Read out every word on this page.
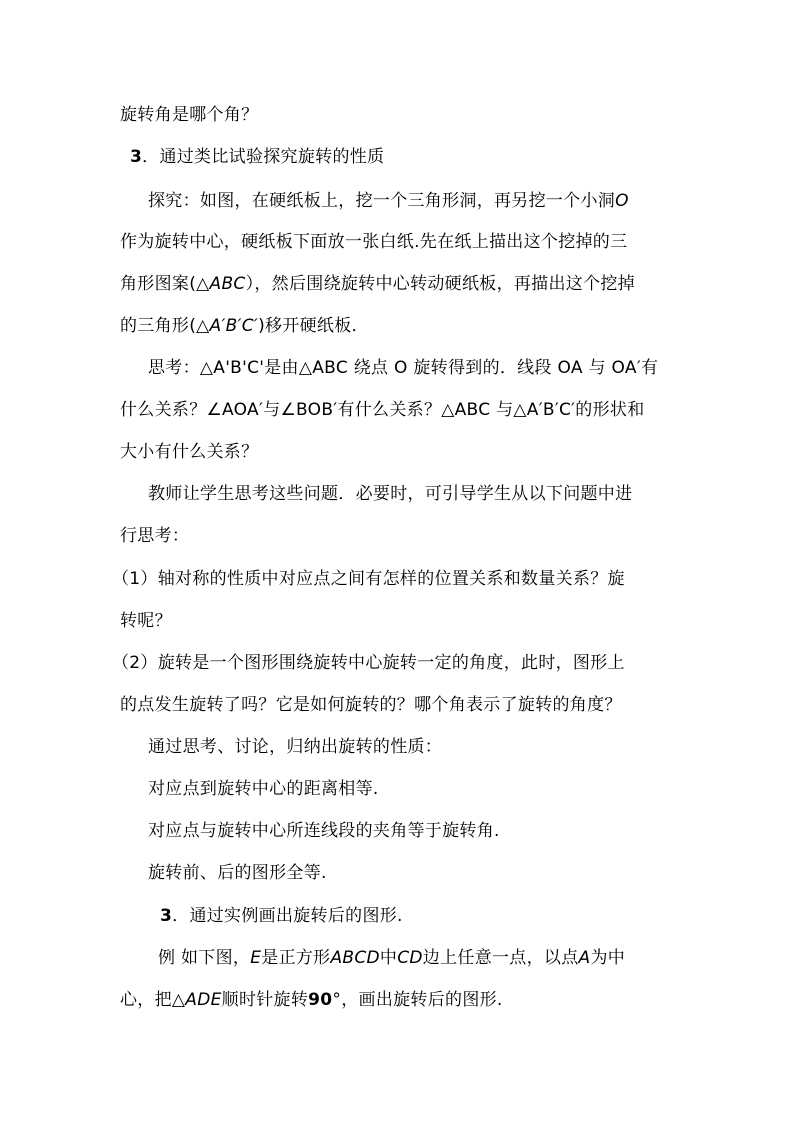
旋转角是哪个角？
3．通过类比试验探究旋转的性质
探究：如图，在硬纸板上，挖一个三角形洞，再另挖一个小洞O
作为旋转中心，硬纸板下面放一张白纸.先在纸上描出这个挖掉的三
角形图案(△ABC），然后围绕旋转中心转动硬纸板，再描出这个挖掉
的三角形(△A′B′C′)移开硬纸板．
思考：△A'B'C'是由△ABC 绕点 O 旋转得到的．线段 OA 与 OA′有
什么关系？∠AOA′与∠BOB′有什么关系？△ABC 与△A′B′C′的形状和
大小有什么关系？
教师让学生思考这些问题．必要时，可引导学生从以下问题中进
行思考：
（1）轴对称的性质中对应点之间有怎样的位置关系和数量关系？旋
转呢？
（2）旋转是一个图形围绕旋转中心旋转一定的角度，此时，图形上
的点发生旋转了吗？它是如何旋转的？哪个角表示了旋转的角度？
通过思考、讨论，归纳出旋转的性质：
对应点到旋转中心的距离相等.
对应点与旋转中心所连线段的夹角等于旋转角.
旋转前、后的图形全等.
3．通过实例画出旋转后的图形.
例 如下图，E是正方形ABCD中CD边上任意一点，以点A为中
心，把△ADE顺时针旋转90°，画出旋转后的图形.
